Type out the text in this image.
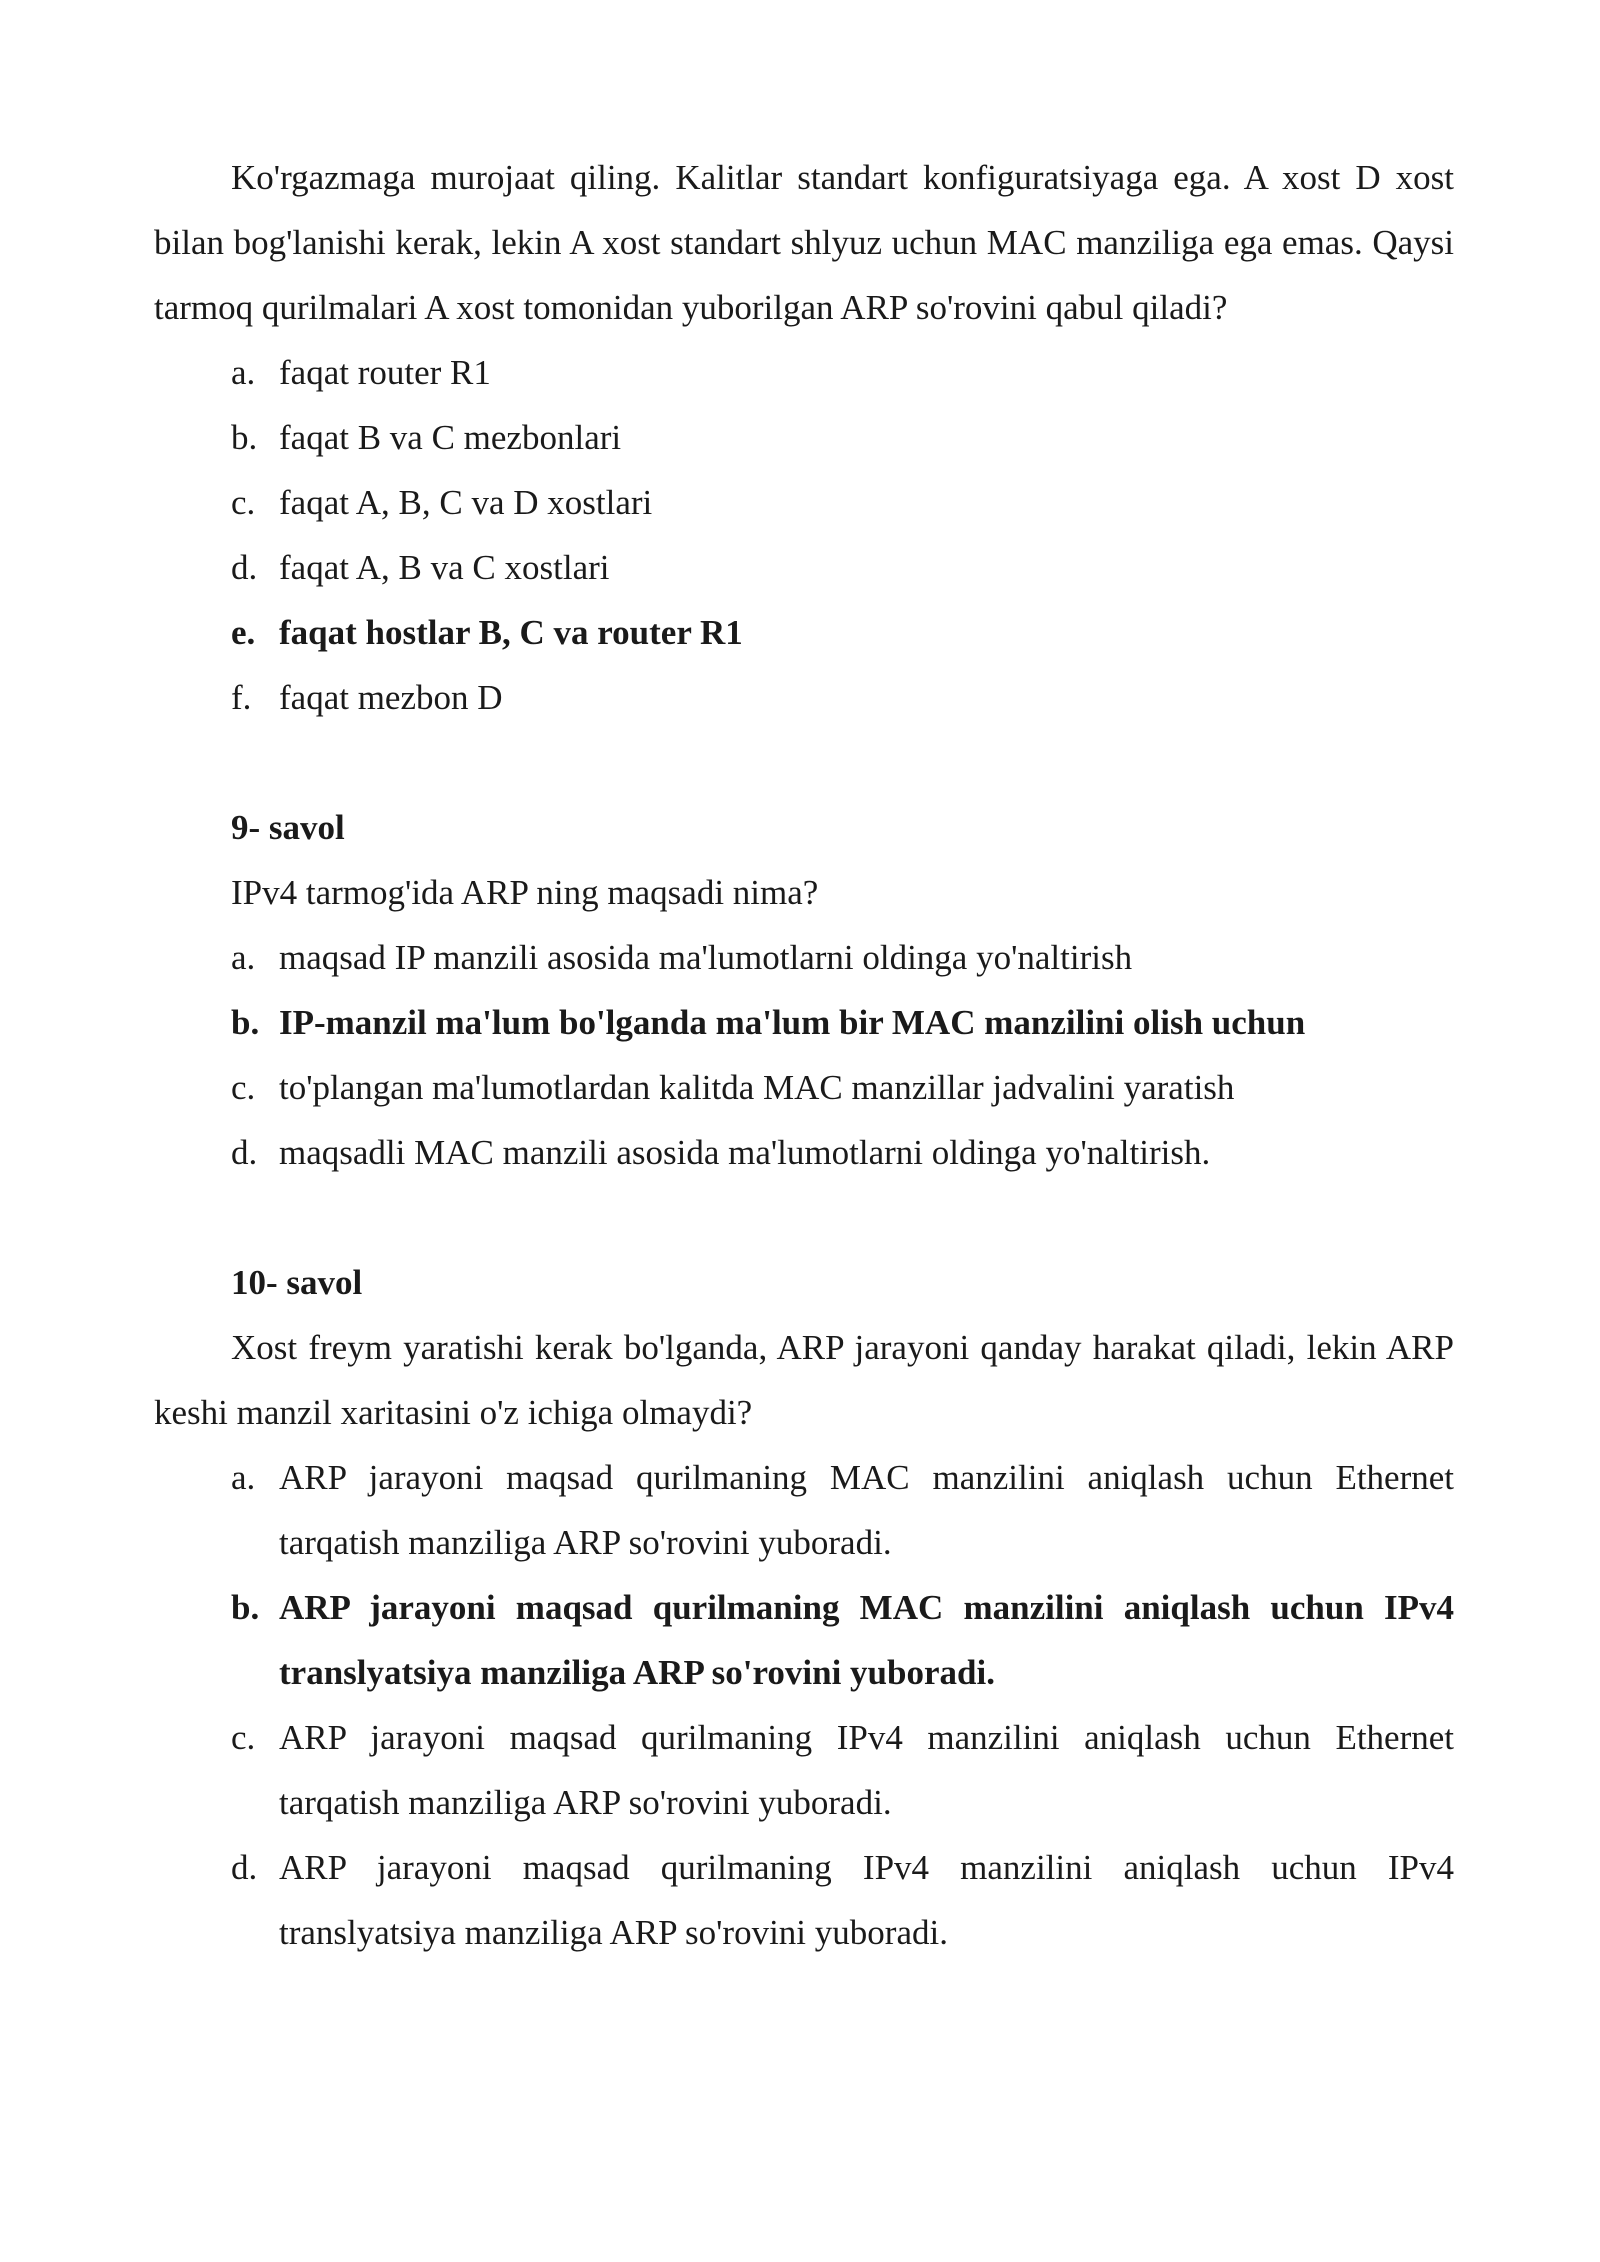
Ko'rgazmaga murojaat qiling. Kalitlar standart konfiguratsiyaga ega. A xost D xost bilan bog'lanishi kerak, lekin A xost standart shlyuz uchun MAC manziliga ega emas. Qaysi tarmoq qurilmalari A xost tomonidan yuborilgan ARP so'rovini qabul qiladi?

a. faqat router R1
b. faqat B va C mezbonlari
c. faqat A, B, C va D xostlari
d. faqat A, B va C xostlari
e. faqat hostlar B, C va router R1
f. faqat mezbon D

9- savol

IPv4 tarmog'ida ARP ning maqsadi nima?

a. maqsad IP manzili asosida ma'lumotlarni oldinga yo'naltirish
b. IP-manzil ma'lum bo'lganda ma'lum bir MAC manzilini olish uchun
c. to'plangan ma'lumotlardan kalitda MAC manzillar jadvalini yaratish
d. maqsadli MAC manzili asosida ma'lumotlarni oldinga yo'naltirish.

10- savol

Xost freym yaratishi kerak bo'lganda, ARP jarayoni qanday harakat qiladi, lekin ARP keshi manzil xaritasini o'z ichiga olmaydi?

a. ARP jarayoni maqsad qurilmaning MAC manzilini aniqlash uchun Ethernet tarqatish manziliga ARP so'rovini yuboradi.
b. ARP jarayoni maqsad qurilmaning MAC manzilini aniqlash uchun IPv4 translyatsiya manziliga ARP so'rovini yuboradi.
c. ARP jarayoni maqsad qurilmaning IPv4 manzilini aniqlash uchun Ethernet tarqatish manziliga ARP so'rovini yuboradi.
d. ARP jarayoni maqsad qurilmaning IPv4 manzilini aniqlash uchun IPv4 translyatsiya manziliga ARP so'rovini yuboradi.
